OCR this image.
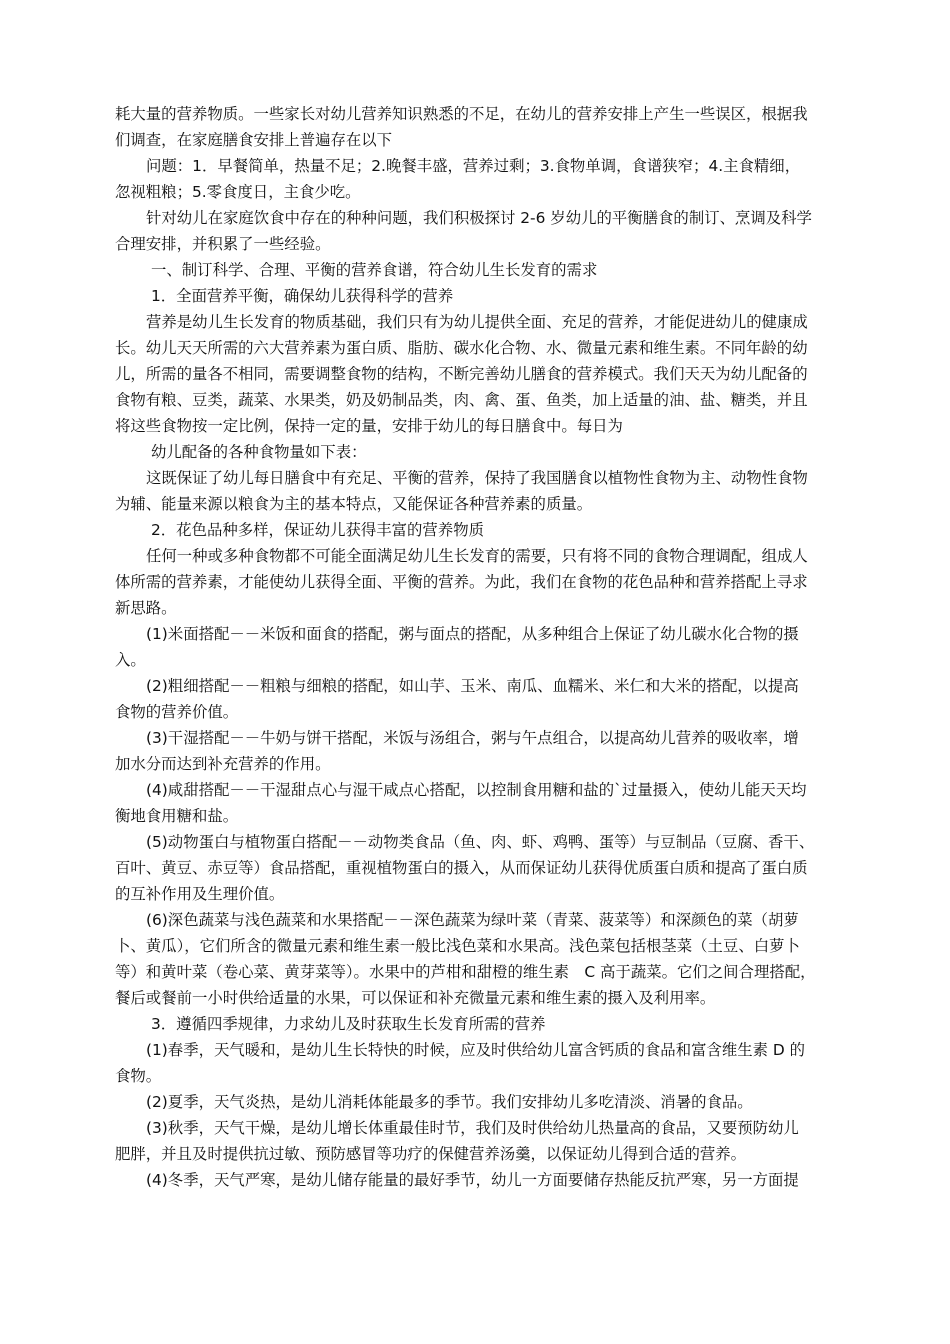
耗大量的营养物质。一些家长对幼儿营养知识熟悉的不足，在幼儿的营养安排上产生一些误区，根据我
们调查，在家庭膳食安排上普遍存在以下

问题：1．早餐简单，热量不足；2.晚餐丰盛，营养过剩；3.食物单调，食谱狭窄；4.主食精细，
忽视粗粮；5.零食度日，主食少吃。

针对幼儿在家庭饮食中存在的种种问题，我们积极探讨 2-6 岁幼儿的平衡膳食的制订、烹调及科学
合理安排，并积累了一些经验。

一、制订科学、合理、平衡的营养食谱，符合幼儿生长发育的需求

1．全面营养平衡，确保幼儿获得科学的营养

营养是幼儿生长发育的物质基础，我们只有为幼儿提供全面、充足的营养，才能促进幼儿的健康成
长。幼儿天天所需的六大营养素为蛋白质、脂肪、碳水化合物、水、微量元素和维生素。不同年龄的幼
儿，所需的量各不相同，需要调整食物的结构，不断完善幼儿膳食的营养模式。我们天天为幼儿配备的
食物有粮、豆类，蔬菜、水果类，奶及奶制品类，肉、禽、蛋、鱼类，加上适量的油、盐、糖类，并且
将这些食物按一定比例，保持一定的量，安排于幼儿的每日膳食中。每日为

幼儿配备的各种食物量如下表：

这既保证了幼儿每日膳食中有充足、平衡的营养，保持了我国膳食以植物性食物为主、动物性食物
为辅、能量来源以粮食为主的基本特点，又能保证各种营养素的质量。

2．花色品种多样，保证幼儿获得丰富的营养物质

任何一种或多种食物都不可能全面满足幼儿生长发育的需要，只有将不同的食物合理调配，组成人
体所需的营养素，才能使幼儿获得全面、平衡的营养。为此，我们在食物的花色品种和营养搭配上寻求
新思路。

(1)米面搭配－－米饭和面食的搭配，粥与面点的搭配，从多种组合上保证了幼儿碳水化合物的摄
入。

(2)粗细搭配－－粗粮与细粮的搭配，如山芋、玉米、南瓜、血糯米、米仁和大米的搭配，以提高
食物的营养价值。

(3)干湿搭配－－牛奶与饼干搭配，米饭与汤组合，粥与午点组合，以提高幼儿营养的吸收率，增
加水分而达到补充营养的作用。

(4)咸甜搭配－－干湿甜点心与湿干咸点心搭配，以控制食用糖和盐的`过量摄入，使幼儿能天天均
衡地食用糖和盐。

(5)动物蛋白与植物蛋白搭配－－动物类食品（鱼、肉、虾、鸡鸭、蛋等）与豆制品（豆腐、香干、
百叶、黄豆、赤豆等）食品搭配，重视植物蛋白的摄入，从而保证幼儿获得优质蛋白质和提高了蛋白质
的互补作用及生理价值。

(6)深色蔬菜与浅色蔬菜和水果搭配－－深色蔬菜为绿叶菜（青菜、菠菜等）和深颜色的菜（胡萝
卜、黄瓜），它们所含的微量元素和维生素一般比浅色菜和水果高。浅色菜包括根茎菜（土豆、白萝卜
等）和黄叶菜（卷心菜、黄芽菜等）。水果中的芦柑和甜橙的维生素　C 高于蔬菜。它们之间合理搭配，
餐后或餐前一小时供给适量的水果，可以保证和补充微量元素和维生素的摄入及利用率。

3．遵循四季规律，力求幼儿及时获取生长发育所需的营养

(1)春季，天气暖和，是幼儿生长特快的时候，应及时供给幼儿富含钙质的食品和富含维生素 D 的
食物。

(2)夏季，天气炎热，是幼儿消耗体能最多的季节。我们安排幼儿多吃清淡、消暑的食品。

(3)秋季，天气干燥，是幼儿增长体重最佳时节，我们及时供给幼儿热量高的食品，又要预防幼儿
肥胖，并且及时提供抗过敏、预防感冒等功疗的保健营养汤羹，以保证幼儿得到合适的营养。

(4)冬季，天气严寒，是幼儿储存能量的最好季节，幼儿一方面要储存热能反抗严寒，另一方面提
